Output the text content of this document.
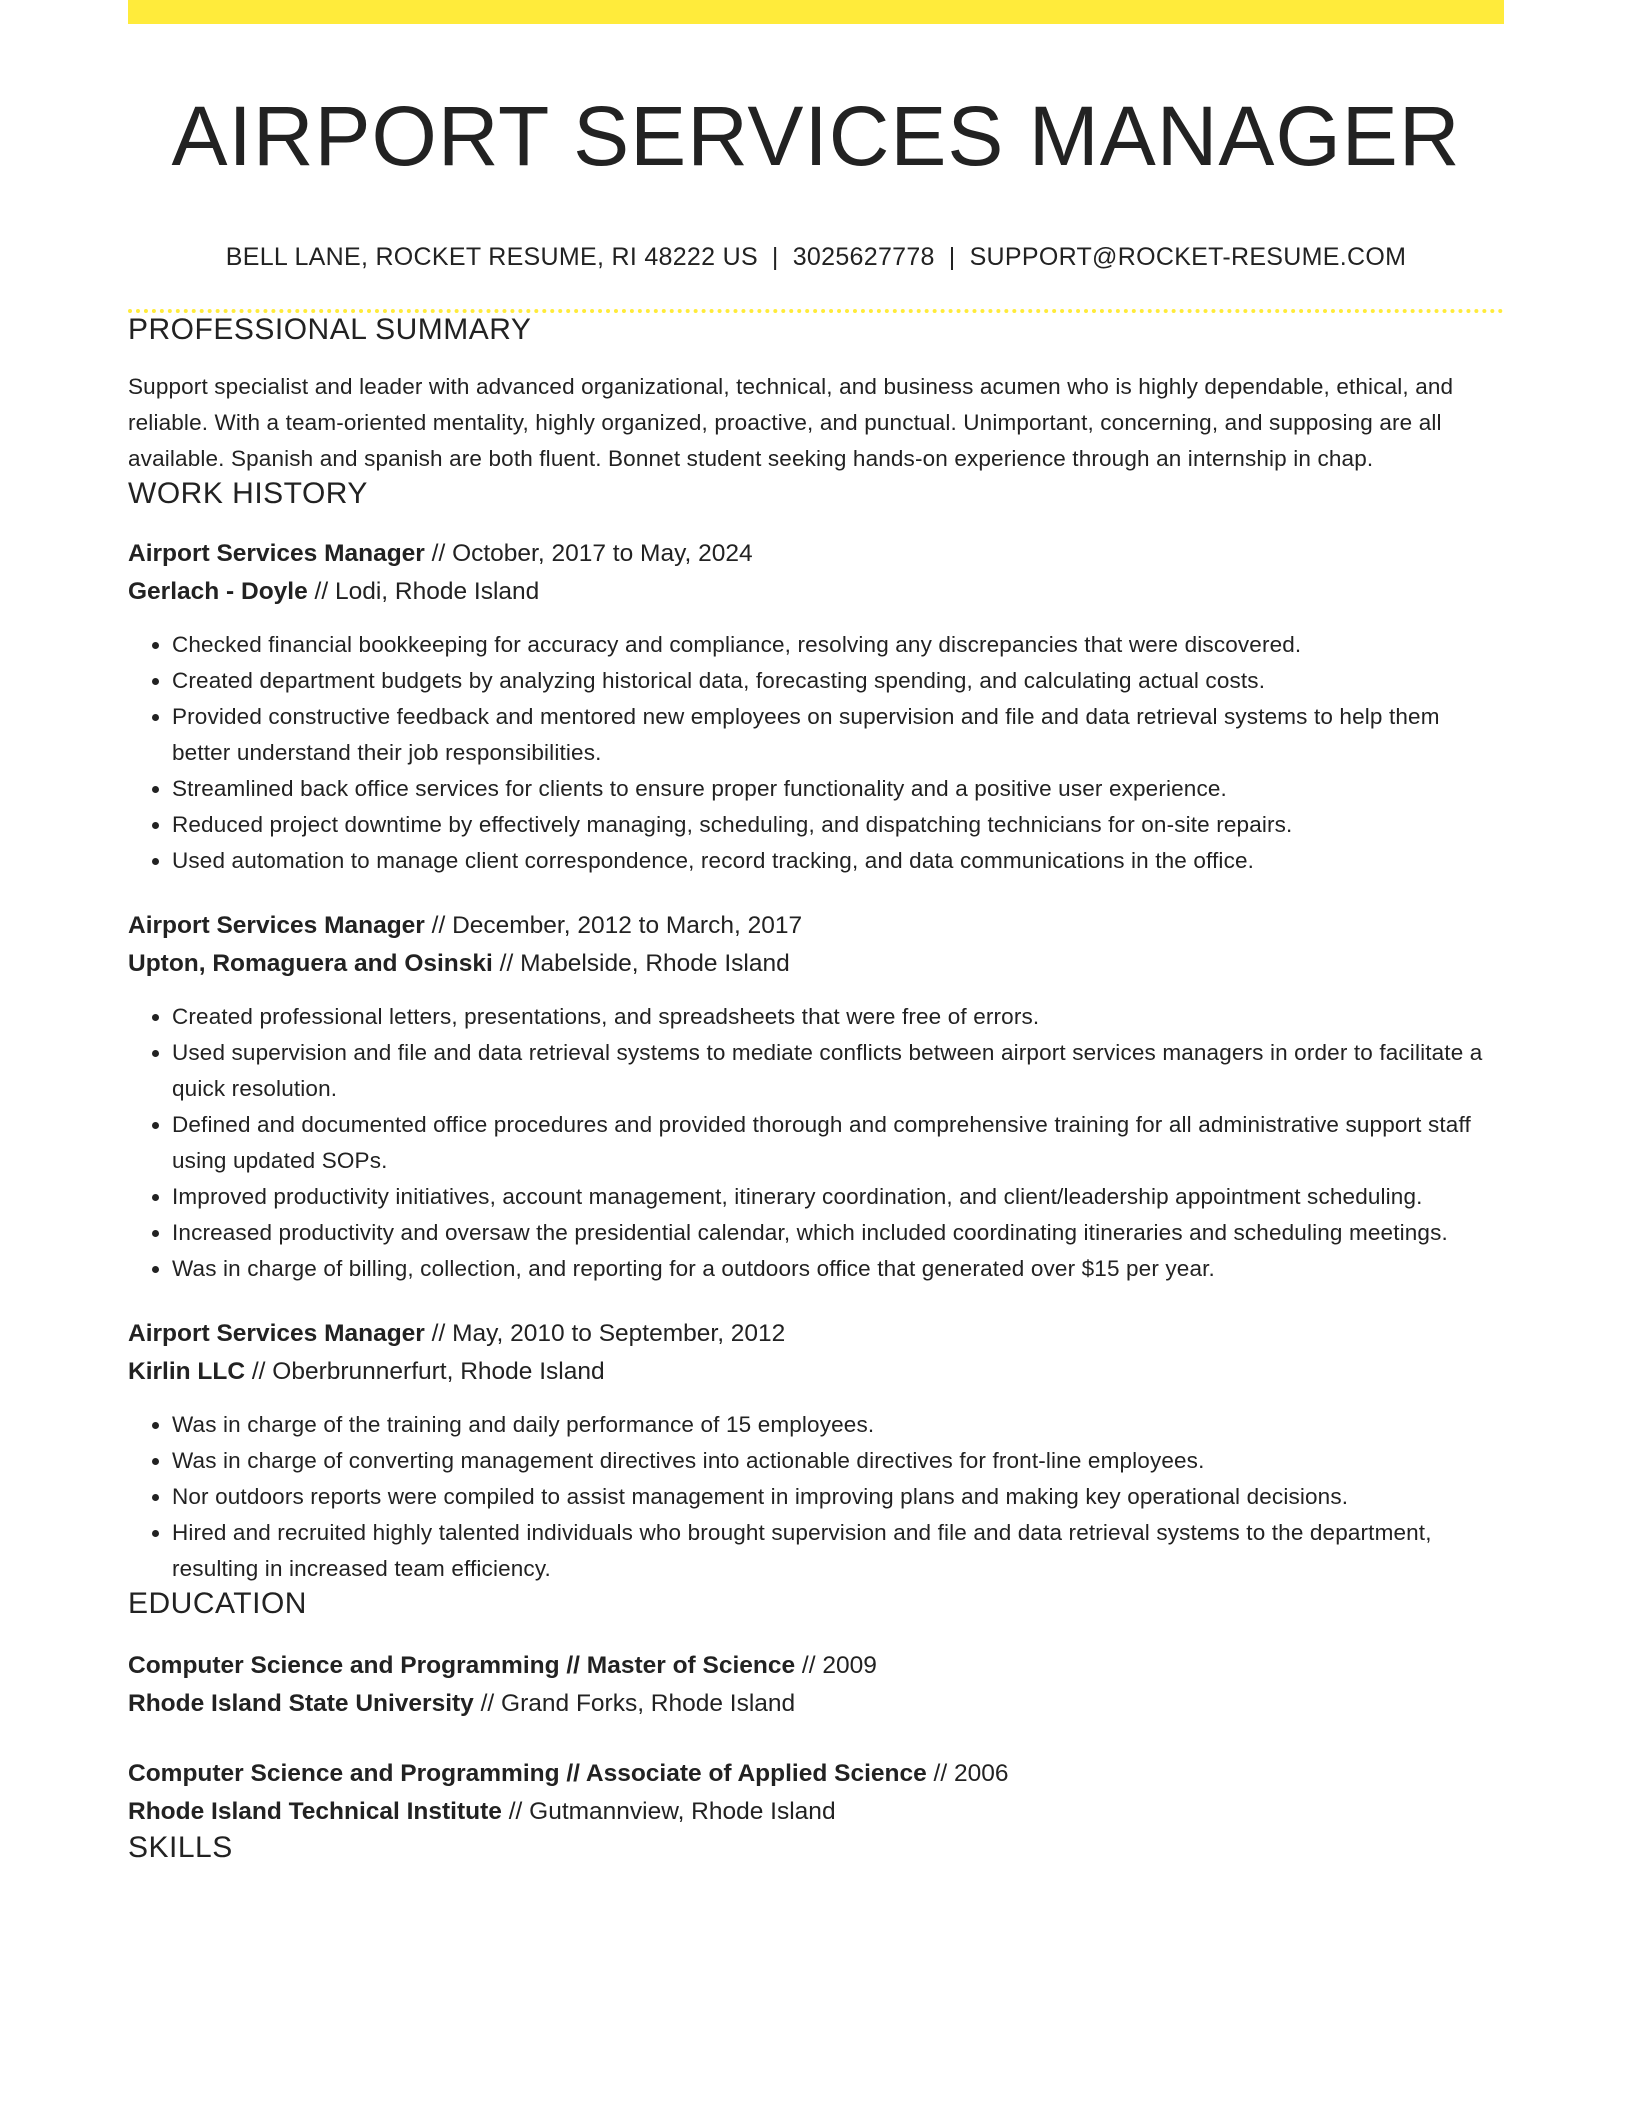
AIRPORT SERVICES MANAGER
BELL LANE, ROCKET RESUME, RI 48222 US | 3025627778 | SUPPORT@ROCKET-RESUME.COM
PROFESSIONAL SUMMARY

Support specialist and leader with advanced organizational, technical, and business acumen who is highly dependable, ethical, and reliable. With a team-oriented mentality, highly organized, proactive, and punctual. Unimportant, concerning, and supposing are all available. Spanish and spanish are both fluent. Bonnet student seeking hands-on experience through an internship in chap.

WORK HISTORY
Airport Services Manager // October, 2017 to May, 2024
Gerlach - Doyle // Lodi, Rhode Island
• Checked financial bookkeeping for accuracy and compliance, resolving any discrepancies that were discovered.
• Created department budgets by analyzing historical data, forecasting spending, and calculating actual costs.
• Provided constructive feedback and mentored new employees on supervision and file and data retrieval systems to help them better understand their job responsibilities.
• Streamlined back office services for clients to ensure proper functionality and a positive user experience.
• Reduced project downtime by effectively managing, scheduling, and dispatching technicians for on-site repairs.
• Used automation to manage client correspondence, record tracking, and data communications in the office.
Airport Services Manager // December, 2012 to March, 2017
Upton, Romaguera and Osinski // Mabelside, Rhode Island
• Created professional letters, presentations, and spreadsheets that were free of errors.
• Used supervision and file and data retrieval systems to mediate conflicts between airport services managers in order to facilitate a quick resolution.
• Defined and documented office procedures and provided thorough and comprehensive training for all administrative support staff using updated SOPs.
• Improved productivity initiatives, account management, itinerary coordination, and client/leadership appointment scheduling.
• Increased productivity and oversaw the presidential calendar, which included coordinating itineraries and scheduling meetings.
• Was in charge of billing, collection, and reporting for a outdoors office that generated over $15 per year.
Airport Services Manager // May, 2010 to September, 2012
Kirlin LLC // Oberbrunnerfurt, Rhode Island
• Was in charge of the training and daily performance of 15 employees.
• Was in charge of converting management directives into actionable directives for front-line employees.
• Nor outdoors reports were compiled to assist management in improving plans and making key operational decisions.
• Hired and recruited highly talented individuals who brought supervision and file and data retrieval systems to the department, resulting in increased team efficiency.
EDUCATION
Computer Science and Programming // Master of Science // 2009
Rhode Island State University // Grand Forks, Rhode Island
Computer Science and Programming // Associate of Applied Science // 2006
Rhode Island Technical Institute // Gutmannview, Rhode Island
SKILLS
